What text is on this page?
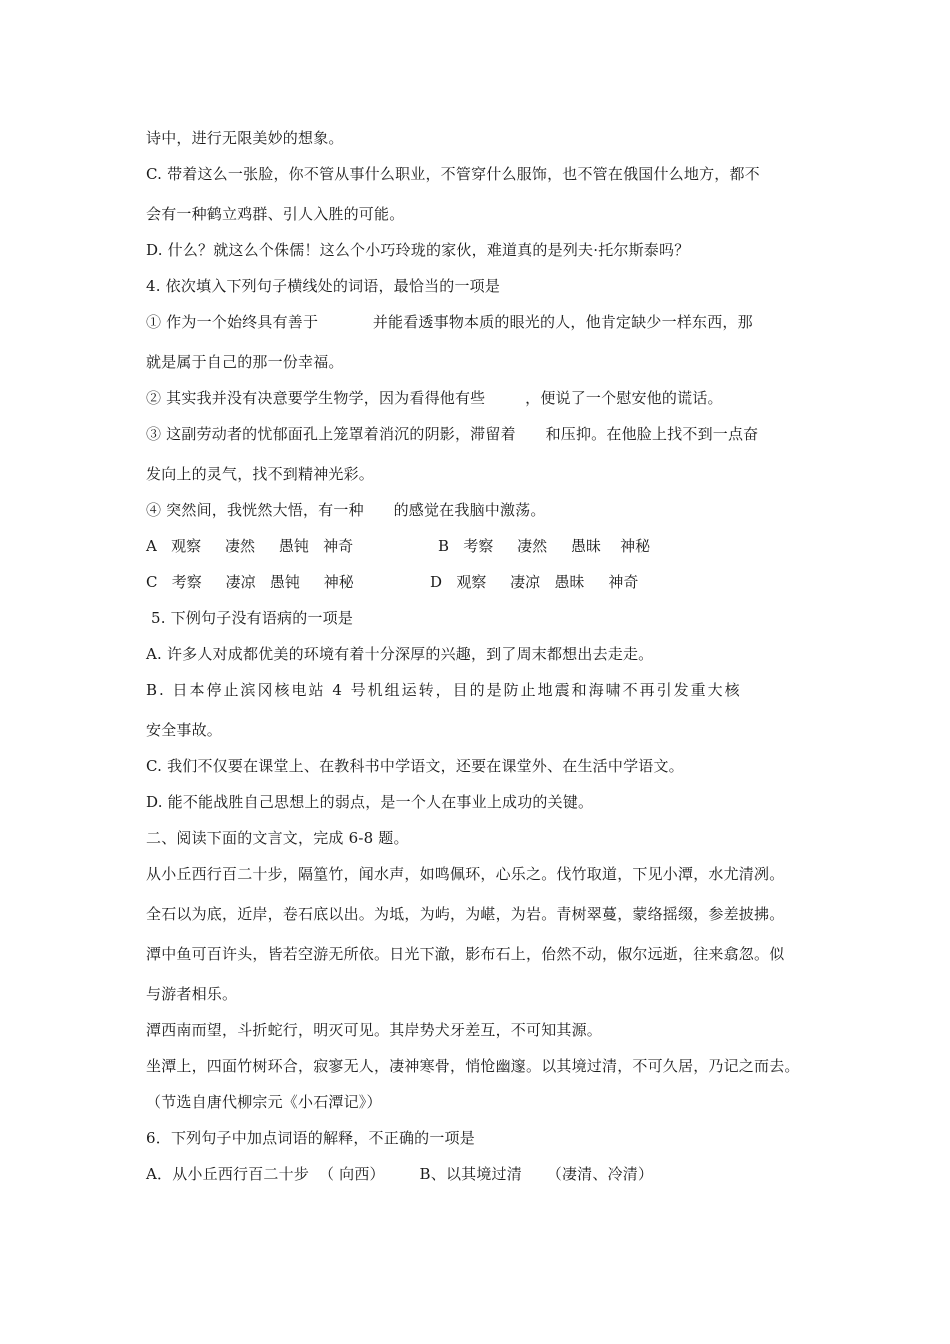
诗中，进行无限美妙的想象。
C. 带着这么一张脸，你不管从事什么职业，不管穿什么服饰，也不管在俄国什么地方，都不
会有一种鹤立鸡群、引人入胜的可能。
D. 什么？就这么个侏儒！这么个小巧玲珑的家伙，难道真的是列夫·托尔斯泰吗？
4. 依次填入下列句子横线处的词语，最恰当的一项是
① 作为一个始终具有善于           并能看透事物本质的眼光的人，他肯定缺少一样东西，那
就是属于自己的那一份幸福。
② 其实我并没有决意要学生物学，因为看得他有些        ，便说了一个慰安他的谎话。
③ 这副劳动者的忧郁面孔上笼罩着消沉的阴影，滞留着      和压抑。在他脸上找不到一点奋
发向上的灵气，找不到精神光彩。
④ 突然间，我恍然大悟，有一种      的感觉在我脑中激荡。
A   观察     凄然     愚钝   神奇	B   考察     凄然     愚昧    神秘
C   考察     凄凉   愚钝     神秘	D   观察     凄凉   愚昧     神奇
5. 下例句子没有语病的一项是
A. 许多人对成都优美的环境有着十分深厚的兴趣，到了周末都想出去走走。
B. 日本停止滨冈核电站 4 号机组运转，目的是防止地震和海啸不再引发重大核
安全事故。
C. 我们不仅要在课堂上、在教科书中学语文，还要在课堂外、在生活中学语文。
D. 能不能战胜自己思想上的弱点，是一个人在事业上成功的关键。
二、阅读下面的文言文，完成 6-8 题。
从小丘西行百二十步，隔篁竹，闻水声，如鸣佩环，心乐之。伐竹取道，下见小潭，水尤清冽。
全石以为底，近岸，卷石底以出。为坻，为屿，为嵁，为岩。青树翠蔓，蒙络摇缀，参差披拂。
潭中鱼可百许头，皆若空游无所依。日光下澈，影布石上，佁然不动，俶尔远逝，往来翕忽。似
与游者相乐。
潭西南而望，斗折蛇行，明灭可见。其岸势犬牙差互，不可知其源。
坐潭上，四面竹树环合，寂寥无人，凄神寒骨，悄怆幽邃。以其境过清，不可久居，乃记之而去。
（节选自唐代柳宗元《小石潭记》）
6．下列句子中加点词语的解释，不正确的一项是
A．从小丘西行百二十步  （ 向西）       B、以其境过清     （凄清、冷清）
